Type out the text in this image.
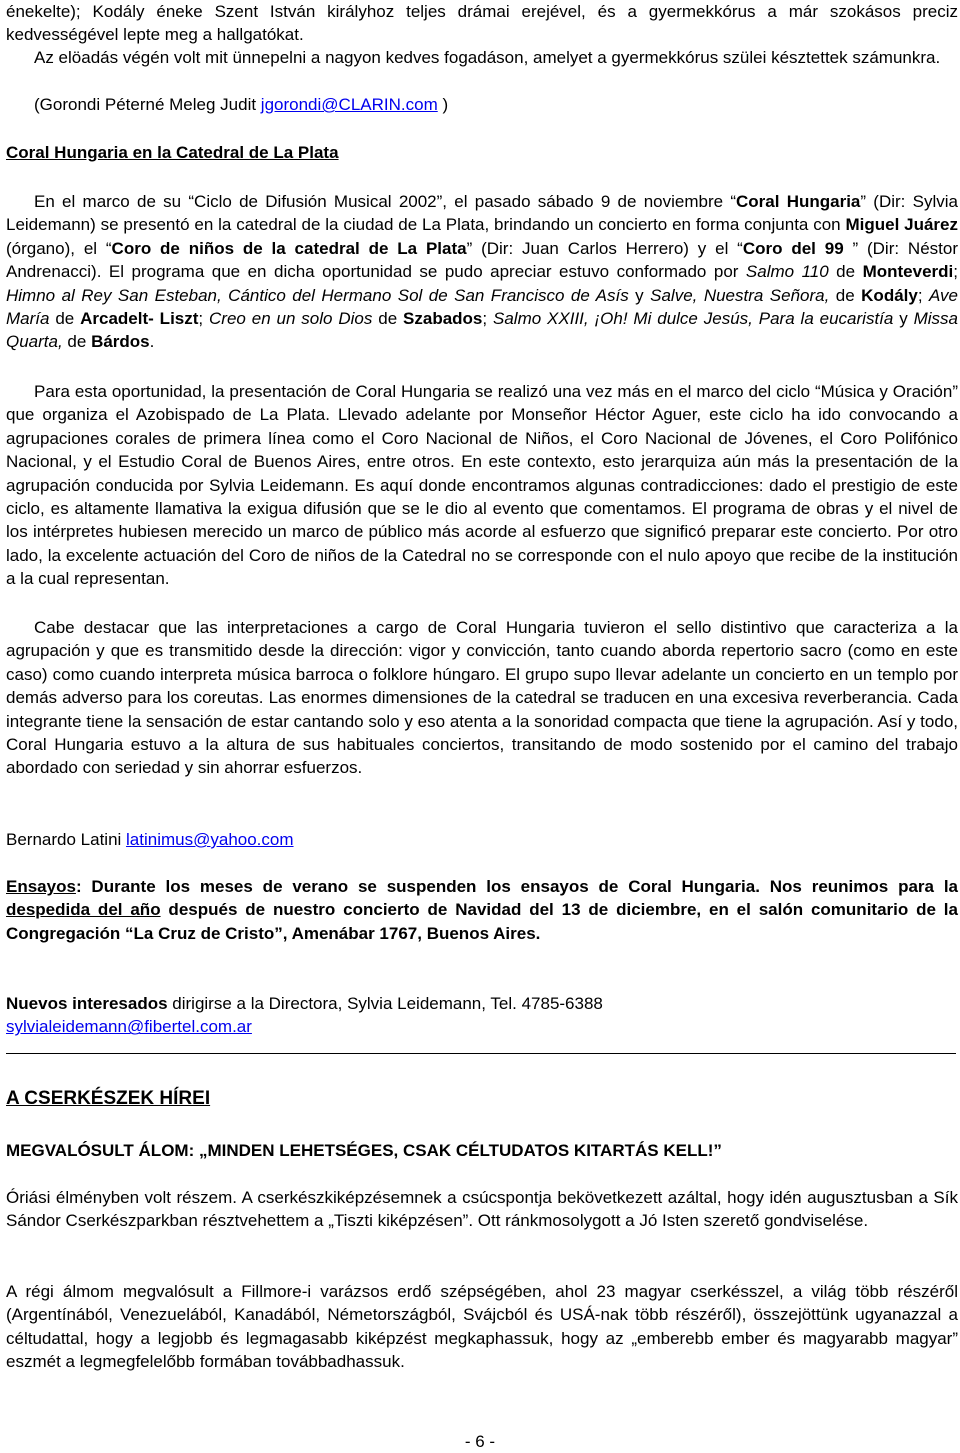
énekelte); Kodály éneke Szent István királyhoz teljes drámai erejével, és a gyermekkórus a már szokásos preciz kedvességével lepte meg a hallgatókat.

Az elöadás végén volt mit ünnepelni a nagyon kedves fogadáson, amelyet a gyermekkórus szülei késztettek számunkra.

(Gorondi Péterné Meleg Judit jgorondi@CLARIN.com )

Coral Hungaria en la Catedral de La Plata

En el marco de su “Ciclo de Difusión Musical 2002”, el pasado sábado 9 de noviembre “Coral Hungaria” (Dir: Sylvia Leidemann) se presentó en la catedral de la ciudad de La Plata, brindando un concierto en forma conjunta con Miguel Juárez (órgano), el “Coro de niños de la catedral de La Plata” (Dir: Juan Carlos Herrero) y el “Coro del 99 ” (Dir: Néstor Andrenacci). El programa que en dicha oportunidad se pudo apreciar estuvo conformado por Salmo 110 de Monteverdi; Himno al Rey San Esteban, Cántico del Hermano Sol de San Francisco de Asís y Salve, Nuestra Señora, de Kodály; Ave María de Arcadelt- Liszt; Creo en un solo Dios de Szabados; Salmo XXIII, ¡Oh! Mi dulce Jesús, Para la eucaristía y Missa Quarta, de Bárdos.

Para esta oportunidad, la presentación de Coral Hungaria se realizó una vez más en el marco del ciclo “Música y Oración” que organiza el Azobispado de La Plata. Llevado adelante por Monseñor Héctor Aguer, este ciclo ha ido convocando a agrupaciones corales de primera línea como el Coro Nacional de Niños, el Coro Nacional de Jóvenes, el Coro Polifónico Nacional, y el Estudio Coral de Buenos Aires, entre otros. En este contexto, esto jerarquiza aún más la presentación de la agrupación conducida por Sylvia Leidemann. Es aquí donde encontramos algunas contradicciones: dado el prestigio de este ciclo, es altamente llamativa la exigua difusión que se le dio al evento que comentamos. El programa de obras y el nivel de los intérpretes hubiesen merecido un marco de público más acorde al esfuerzo que significó preparar este concierto. Por otro lado, la excelente actuación del Coro de niños de la Catedral no se corresponde con el nulo apoyo que recibe de la institución a la cual representan.

Cabe destacar que las interpretaciones a cargo de Coral Hungaria tuvieron el sello distintivo que caracteriza a la agrupación y que es transmitido desde la dirección: vigor y convicción, tanto cuando aborda repertorio sacro (como en este caso) como cuando interpreta música barroca o folklore húngaro. El grupo supo llevar adelante un concierto en un templo por demás adverso para los coreutas. Las enormes dimensiones de la catedral se traducen en una excesiva reverberancia. Cada integrante tiene la sensación de estar cantando solo y eso atenta a la sonoridad compacta que tiene la agrupación. Así y todo, Coral Hungaria estuvo a la altura de sus habituales conciertos, transitando de modo sostenido por el camino del trabajo abordado con seriedad y sin ahorrar esfuerzos.

Bernardo Latini latinimus@yahoo.com

Ensayos: Durante los meses de verano se suspenden los ensayos de Coral Hungaria. Nos reunimos para la despedida del año después de nuestro concierto de Navidad del 13 de diciembre, en el salón comunitario de la Congregación “La Cruz de Cristo”, Amenábar 1767, Buenos Aires.

Nuevos interesados dirigirse a la Directora, Sylvia Leidemann, Tel. 4785-6388
sylvialeidemann@fibertel.com.ar

A CSERKÉSZEK HÍREI

MEGVALÓSULT ÁLOM: „MINDEN LEHETSÉGES, CSAK CÉLTUDATOS KITARTÁS KELL!”

Óriási élményben volt részem. A cserkészkiképzésemnek a csúcspontja bekövetkezett azáltal, hogy idén augusztusban a Sík Sándor Cserkészparkban résztvehettem a „Tiszti kiképzésen”. Ott ránkmosolygott a Jó Isten szerető gondviselése.

A régi álmom megvalósult a Fillmore-i varázsos erdő szépségében, ahol 23 magyar cserkésszel, a világ több részéről (Argentínából, Venezuelából, Kanadából, Németországból, Svájcból és USÁ-nak több részéről), összejöttünk ugyanazzal a céltudattal, hogy a legjobb és legmagasabb kiképzést megkaphassuk, hogy az „emberebb ember és magyarabb magyar” eszmét a legmegfelelőbb formában továbbadhassuk.

- 6 -
